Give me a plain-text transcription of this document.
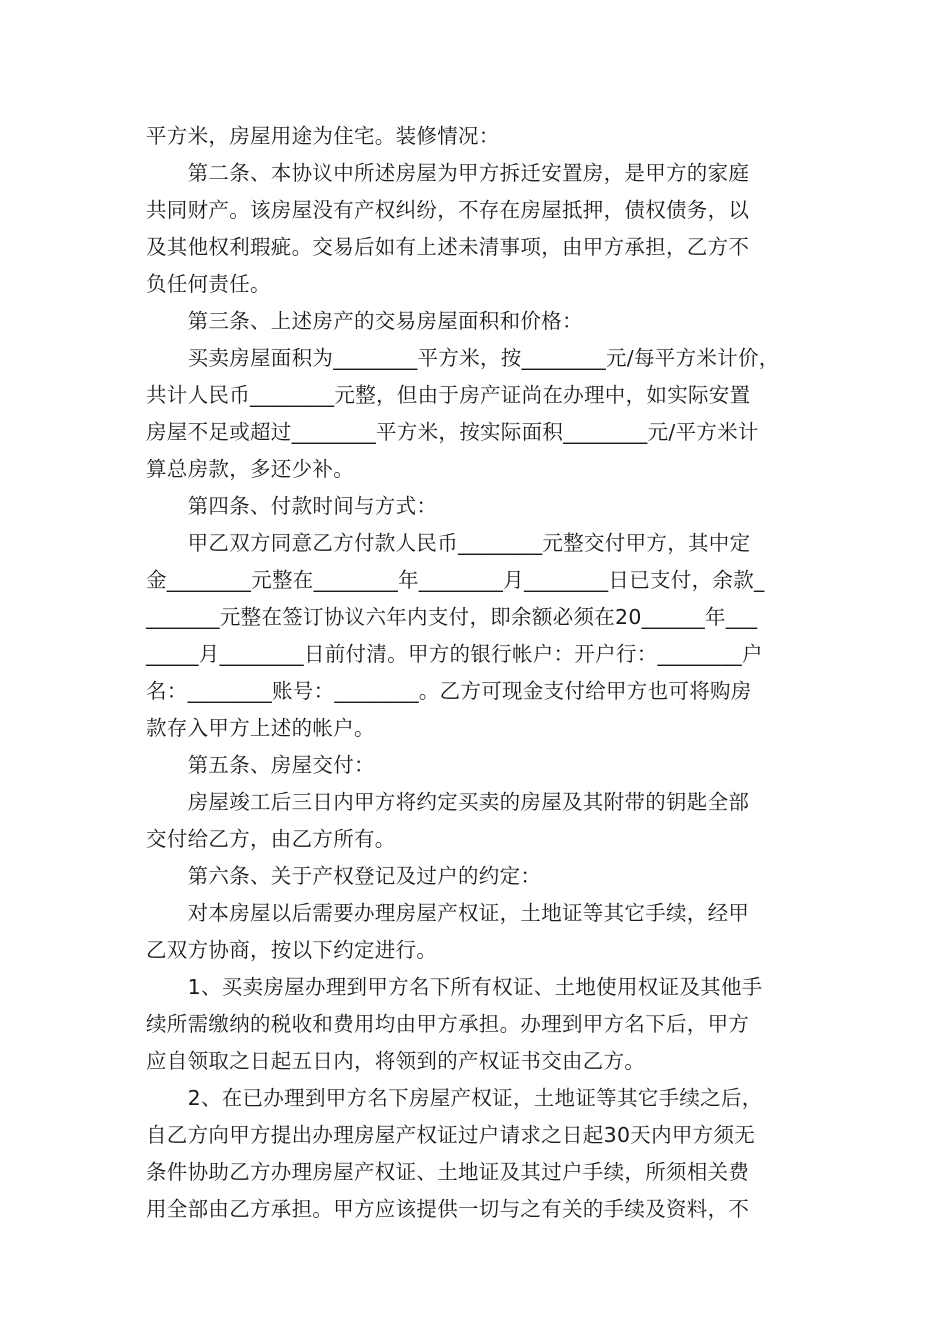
平方米，房屋用途为住宅。装修情况：
　　第二条、本协议中所述房屋为甲方拆迁安置房，是甲方的家庭
共同财产。该房屋没有产权纠纷，不存在房屋抵押，债权债务，以
及其他权利瑕疵。交易后如有上述未清事项，由甲方承担，乙方不
负任何责任。
　　第三条、上述房产的交易房屋面积和价格：
　　买卖房屋面积为________平方米，按________元/每平方米计价，
共计人民币________元整，但由于房产证尚在办理中，如实际安置
房屋不足或超过________平方米，按实际面积________元/平方米计
算总房款，多还少补。
　　第四条、付款时间与方式：
　　甲乙双方同意乙方付款人民币________元整交付甲方，其中定
金________元整在________年________月________日已支付，余款_
_______元整在签订协议六年内支付，即余额必须在20______年___
_____月________日前付清。甲方的银行帐户：开户行：________户
名：________账号：________。乙方可现金支付给甲方也可将购房
款存入甲方上述的帐户。
　　第五条、房屋交付：
　　房屋竣工后三日内甲方将约定买卖的房屋及其附带的钥匙全部
交付给乙方，由乙方所有。
　　第六条、关于产权登记及过户的约定：
　　对本房屋以后需要办理房屋产权证，土地证等其它手续，经甲
乙双方协商，按以下约定进行。
　　1、买卖房屋办理到甲方名下所有权证、土地使用权证及其他手
续所需缴纳的税收和费用均由甲方承担。办理到甲方名下后，甲方
应自领取之日起五日内，将领到的产权证书交由乙方。
　　2、在已办理到甲方名下房屋产权证，土地证等其它手续之后，
自乙方向甲方提出办理房屋产权证过户请求之日起30天内甲方须无
条件协助乙方办理房屋产权证、土地证及其过户手续，所须相关费
用全部由乙方承担。甲方应该提供一切与之有关的手续及资料，不
